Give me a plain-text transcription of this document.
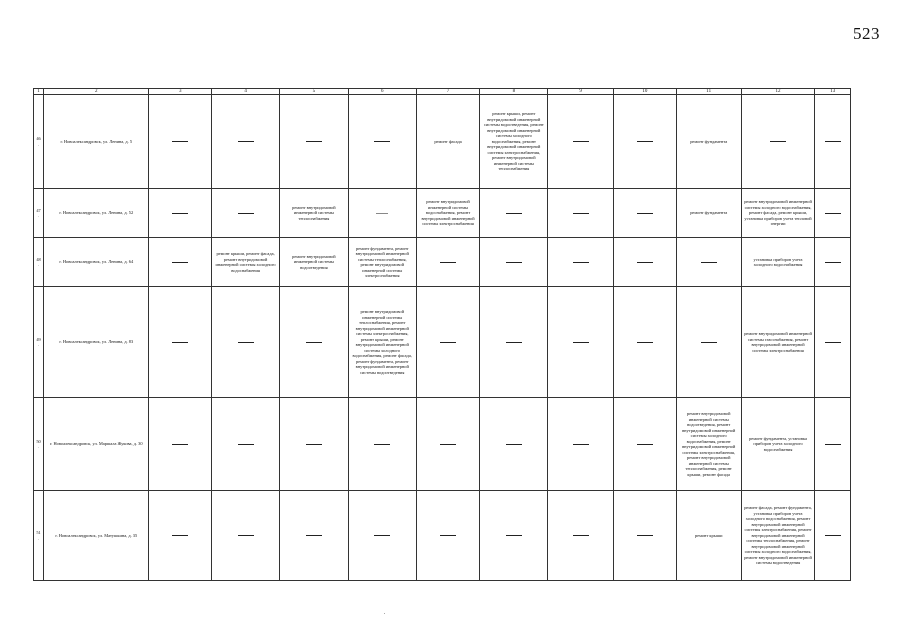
523
1	2	3	4	5	6	7	8	9	10	11	12	13

46.	г. Новоалександровск, ул. Ленина, д. 5					ремонт фасада	ремонт крыши, ремонт внутридомовой инженерной системы водоотведения, ремонт внутридомовой инженерной системы холодного водоснабжения, ремонт внутридомовой инженерной системы электроснабжения, ремонт внутридомовой инженерной системы теплоснабжения			ремонт фундамента		

47.	г. Новоалександровск, ул. Ленина, д. 52			ремонт внутридомовой инженерной системы теплоснабжения		ремонт внутридомовой инженерной системы водоснабжения, ремонт внутридомовой инженерной системы электроснабжения				ремонт фундамента	ремонт внутридомовой инженерной системы холодного водоснабжения, ремонт фасада, ремонт крыши, установка приборов учета тепловой энергии	

48.	г. Новоалександровск, ул. Ленина, д. 64		ремонт крыши, ремонт фасада, ремонт внутридомовой инженерной системы холодного водоснабжения	ремонт внутридомовой инженерной системы водоотведения	ремонт фундамента, ремонт внутридомовой инженерной системы теплоснабжения, ремонт внутридомовой инженерной системы электроснабжения						установка приборов учета холодного водоснабжения	

49.	г. Новоалександровск, ул. Ленина, д. 83				ремонт внутридомовой инженерной системы теплоснабжения, ремонт внутридомовой инженерной системы электроснабжения, ремонт крыши, ремонт внутридомовой инженерной системы холодного водоснабжения, ремонт фасада, ремонт фундамента, ремонт внутридомовой инженерной системы водоотведения						ремонт внутридомовой инженерной системы газоснабжения, ремонт внутридомовой инженерной системы электроснабжения	

50.	г. Новоалександровск, ул. Маршала Жукова, д. 30									ремонт внутридомовой инженерной системы водоотведения, ремонт внутридомовой инженерной системы холодного водоснабжения, ремонт внутридомовой инженерной системы электроснабжения, ремонт внутридомовой инженерной системы теплоснабжения, ремонт крыши, ремонт фасада	ремонт фундамента, установка приборов учета холодного водоснабжения	

51.	г. Новоалександровск, ул. Матушкина, д. 35									ремонт крыши	ремонт фасада, ремонт фундамента, установка приборов учета холодного водоснабжения, ремонт внутридомовой инженерной системы электроснабжения, ремонт внутридомовой инженерной системы теплоснабжения, ремонт внутридомовой инженерной системы холодного водоснабжения, ремонт внутридомовой инженерной системы водоотведения	
